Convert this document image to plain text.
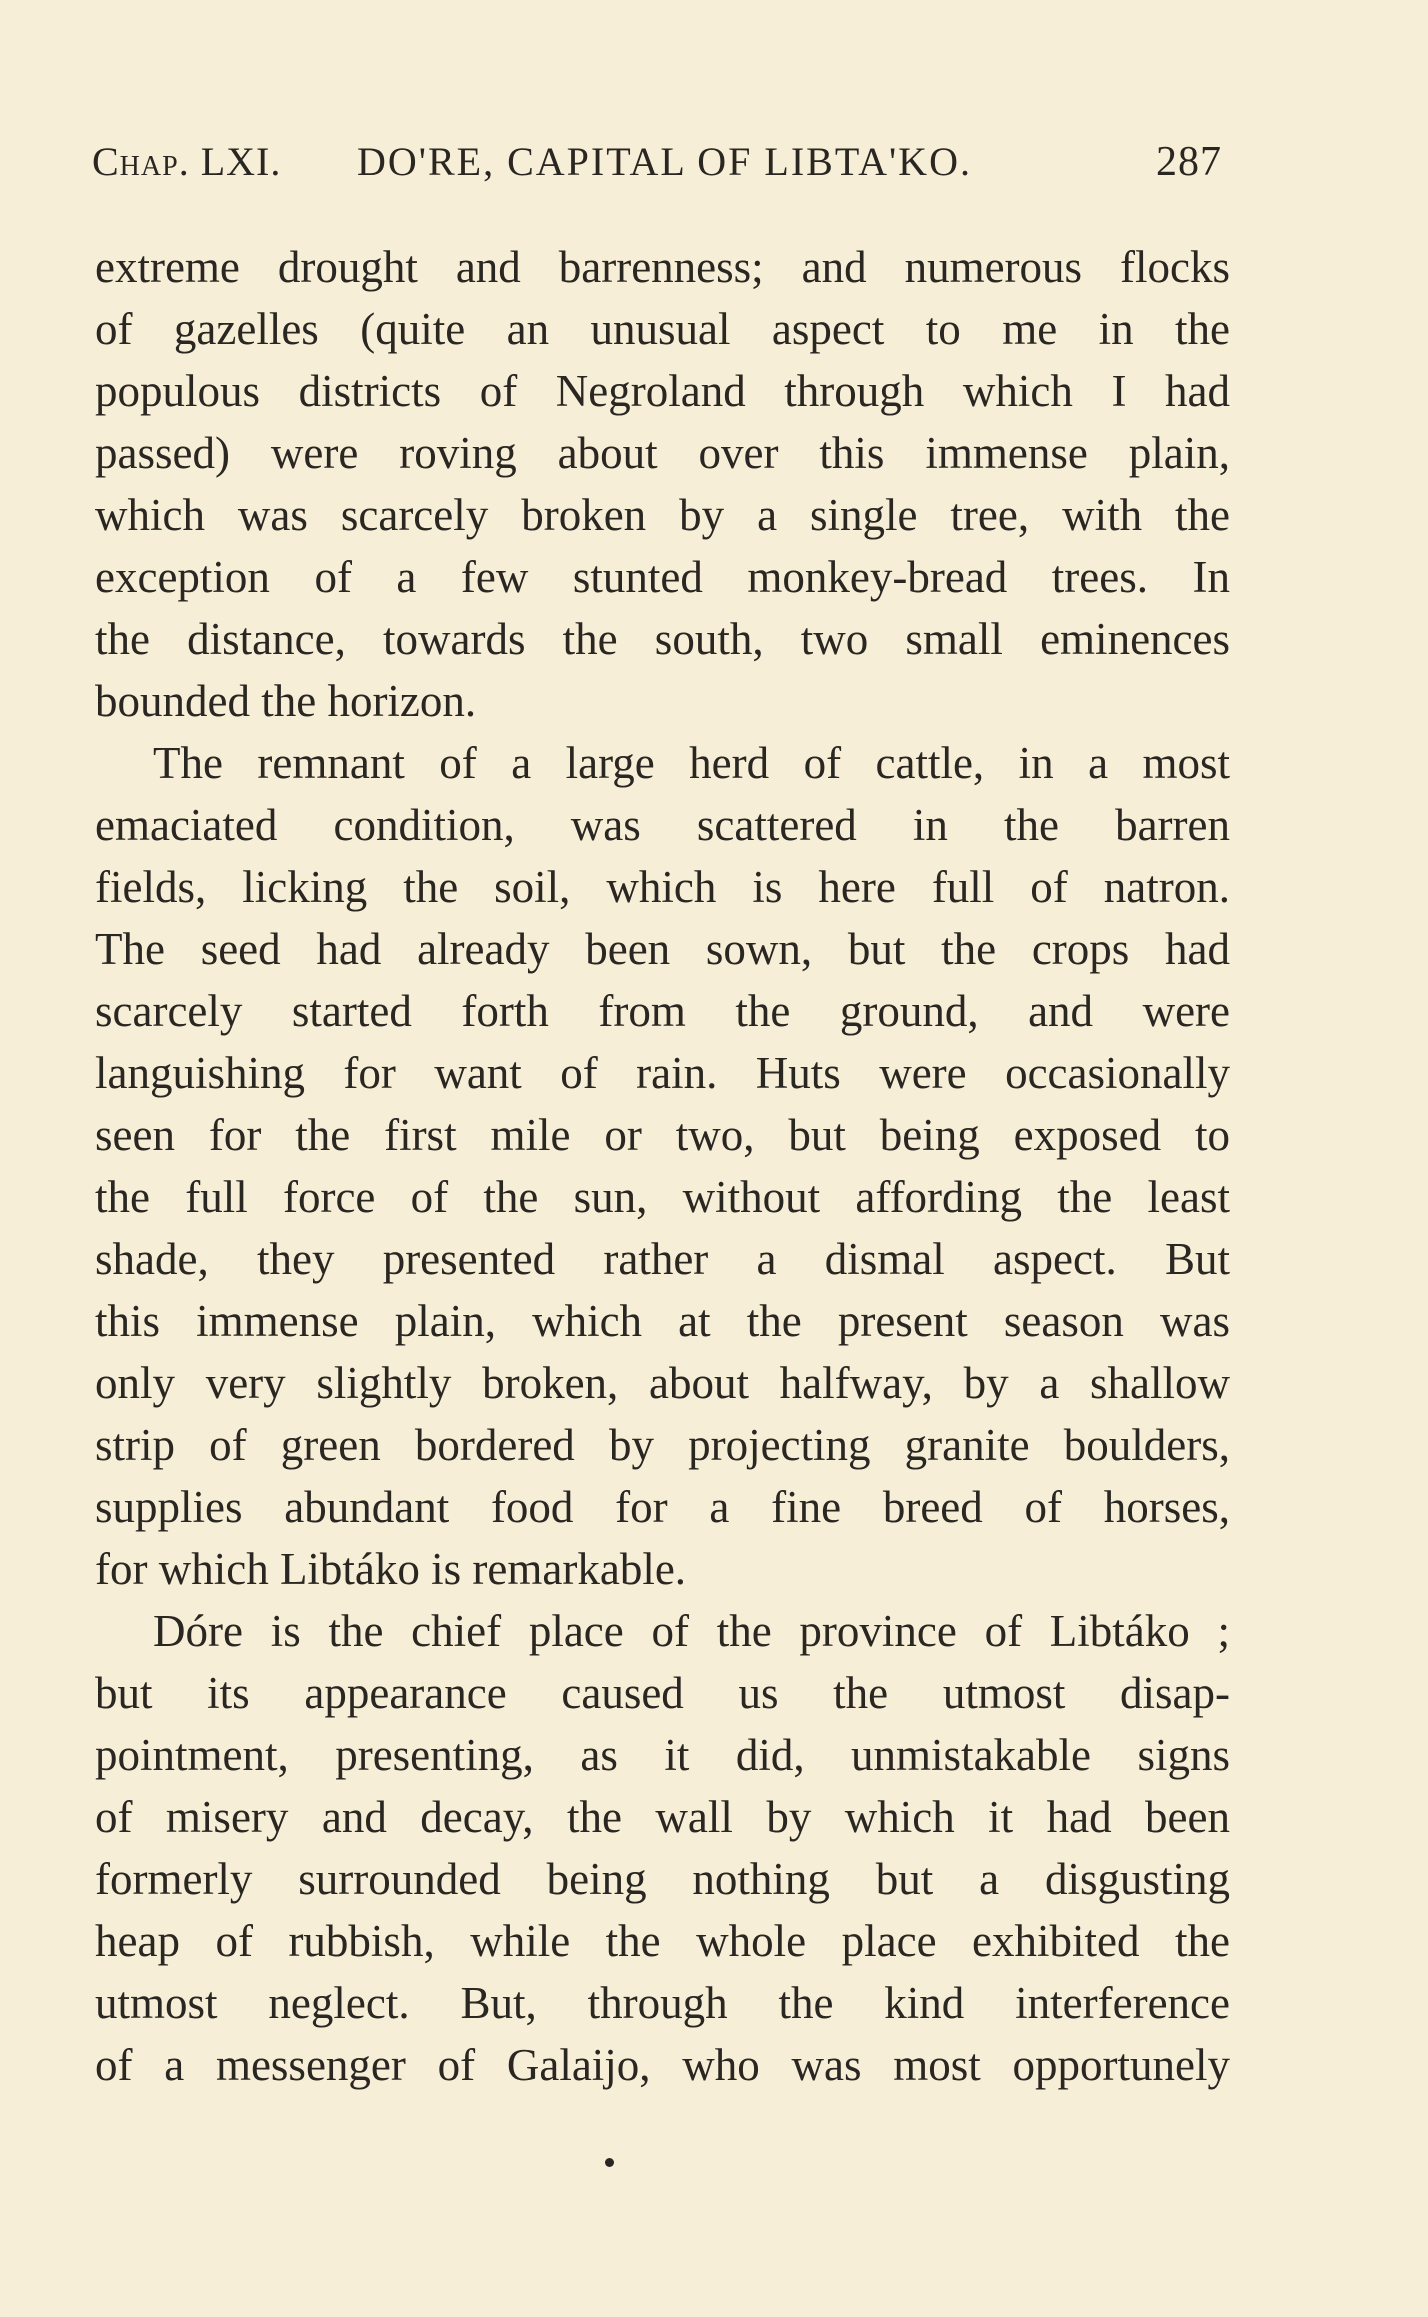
Chap. LXI. DO'RE, CAPITAL OF LIBTA'KO.	287
extreme drought and barrenness; and numerous flocks
of gazelles (quite an unusual aspect to me in the
populous districts of Negroland through which I had
passed) were roving about over this immense plain,
which was scarcely broken by a single tree, with the
exception of a few stunted monkey-bread trees. In
the distance, towards the south, two small eminences
bounded the horizon.
The remnant of a large herd of cattle, in a most
emaciated condition, was scattered in the barren
fields, licking the soil, which is here full of natron.
The seed had already been sown, but the crops had
scarcely started forth from the ground, and were
languishing for want of rain. Huts were occasionally
seen for the first mile or two, but being exposed to
the full force of the sun, without affording the least
shade, they presented rather a dismal aspect. But
this immense plain, which at the present season was
only very slightly broken, about halfway, by a shallow
strip of green bordered by projecting granite boulders,
supplies abundant food for a fine breed of horses,
for which Libtáko is remarkable.
Dóre is the chief place of the province of Libtáko ;
but its appearance caused us the utmost disap-
pointment, presenting, as it did, unmistakable signs
of misery and decay, the wall by which it had been
formerly surrounded being nothing but a disgusting
heap of rubbish, while the whole place exhibited the
utmost neglect. But, through the kind interference
of a messenger of Galaijo, who was most opportunely
